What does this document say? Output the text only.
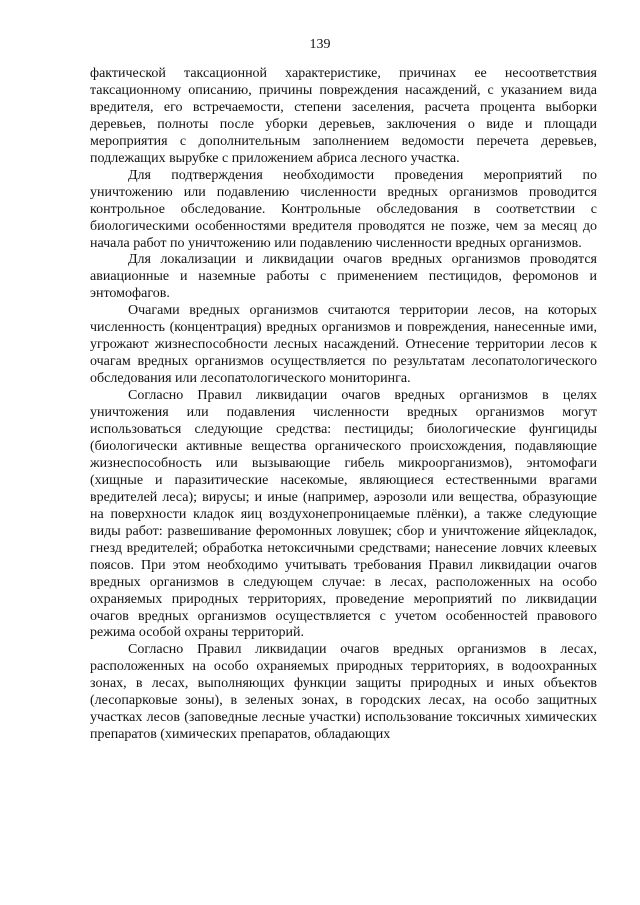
139

фактической таксационной характеристике, причинах ее несоответствия таксационному описанию, причины повреждения насаждений, с указанием вида вредителя, его встречаемости, степени заселения, расчета процента выборки деревьев, полноты после уборки деревьев, заключения о виде и площади мероприятия с дополнительным заполнением ведомости перечета деревьев, подлежащих вырубке с приложением абриса лесного участка.

Для подтверждения необходимости проведения мероприятий по уничтожению или подавлению численности вредных организмов проводится контрольное обследование. Контрольные обследования в соответствии с биологическими особенностями вредителя проводятся не позже, чем за месяц до начала работ по уничтожению или подавлению численности вредных организмов.

Для локализации и ликвидации очагов вредных организмов проводятся авиационные и наземные работы с применением пестицидов, феромонов и энтомофагов.

Очагами вредных организмов считаются территории лесов, на которых численность (концентрация) вредных организмов и повреждения, нанесенные ими, угрожают жизнеспособности лесных насаждений. Отнесение территории лесов к очагам вредных организмов осуществляется по результатам лесопатологического обследования или лесопатологического мониторинга.

Согласно Правил ликвидации очагов вредных организмов в целях уничтожения или подавления численности вредных организмов могут использоваться следующие средства: пестициды; биологические фунгициды (биологически активные вещества органического происхождения, подавляющие жизнеспособность или вызывающие гибель микроорганизмов), энтомофаги (хищные и паразитические насекомые, являющиеся естественными врагами вредителей леса); вирусы; и иные (например, аэрозоли или вещества, образующие на поверхности кладок яиц воздухонепроницаемые плёнки), а также следующие виды работ: развешивание феромонных ловушек; сбор и уничтожение яйцекладок, гнезд вредителей; обработка нетоксичными средствами; нанесение ловчих клеевых поясов. При этом необходимо учитывать требования Правил ликвидации очагов вредных организмов в следующем случае: в лесах, расположенных на особо охраняемых природных территориях, проведение мероприятий по ликвидации очагов вредных организмов осуществляется с учетом особенностей правового режима особой охраны территорий.

Согласно Правил ликвидации очагов вредных организмов в лесах, расположенных на особо охраняемых природных территориях, в водоохранных зонах, в лесах, выполняющих функции защиты природных и иных объектов (лесопарковые зоны), в зеленых зонах, в городских лесах, на особо защитных участках лесов (заповедные лесные участки) использование токсичных химических препаратов (химических препаратов, обладающих
